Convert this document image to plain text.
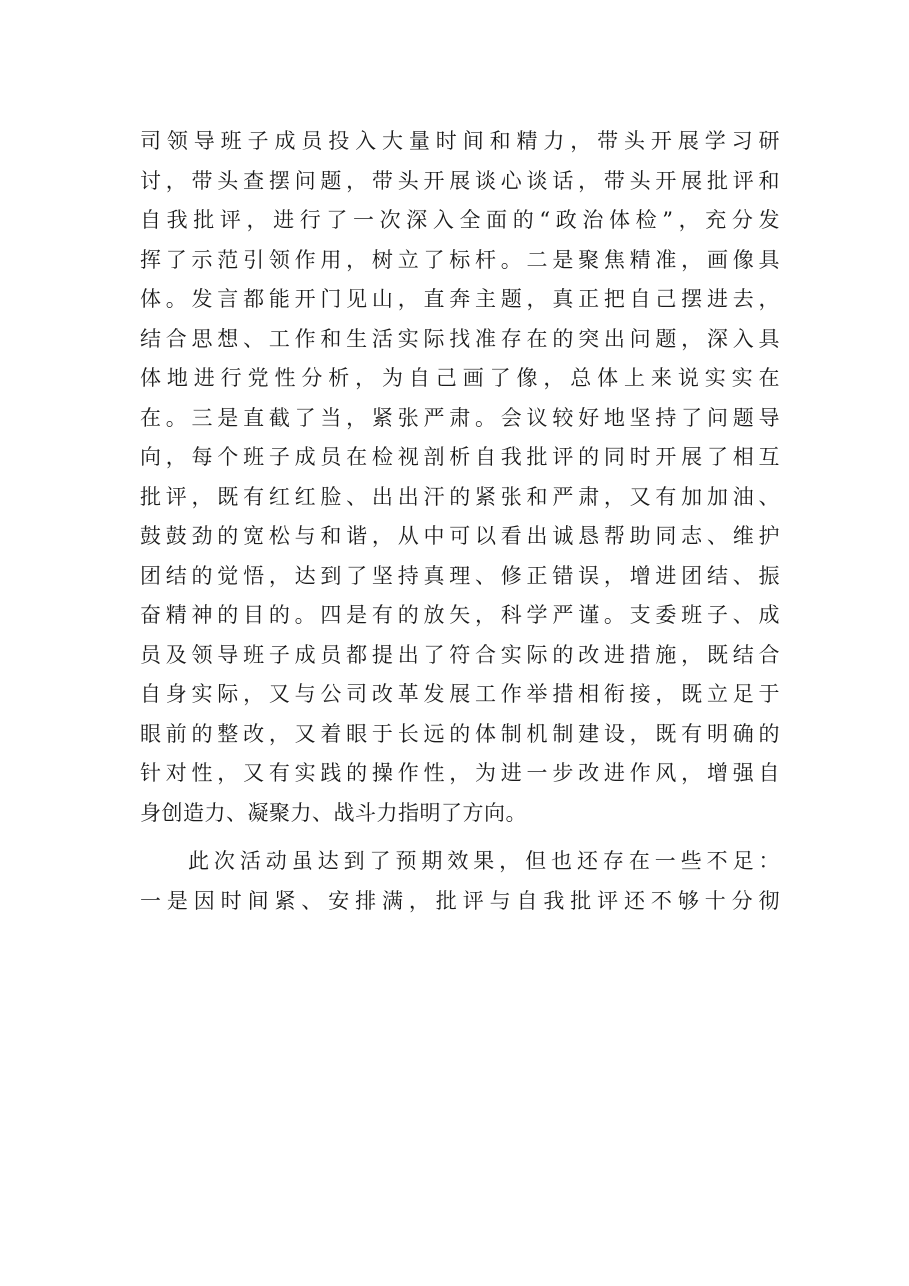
司领导班子成员投入大量时间和精力，带头开展学习研
讨，带头查摆问题，带头开展谈心谈话，带头开展批评和
自我批评，进行了一次深入全面的“政治体检”，充分发
挥了示范引领作用，树立了标杆。二是聚焦精准，画像具
体。发言都能开门见山，直奔主题，真正把自己摆进去，
结合思想、工作和生活实际找准存在的突出问题，深入具
体地进行党性分析，为自己画了像，总体上来说实实在
在。三是直截了当，紧张严肃。会议较好地坚持了问题导
向，每个班子成员在检视剖析自我批评的同时开展了相互
批评，既有红红脸、出出汗的紧张和严肃，又有加加油、
鼓鼓劲的宽松与和谐，从中可以看出诚恳帮助同志、维护
团结的觉悟，达到了坚持真理、修正错误，增进团结、振
奋精神的目的。四是有的放矢，科学严谨。支委班子、成
员及领导班子成员都提出了符合实际的改进措施，既结合
自身实际，又与公司改革发展工作举措相衔接，既立足于
眼前的整改，又着眼于长远的体制机制建设，既有明确的
针对性，又有实践的操作性，为进一步改进作风，增强自
身创造力、凝聚力、战斗力指明了方向。
此次活动虽达到了预期效果，但也还存在一些不足：
一是因时间紧、安排满，批评与自我批评还不够十分彻
